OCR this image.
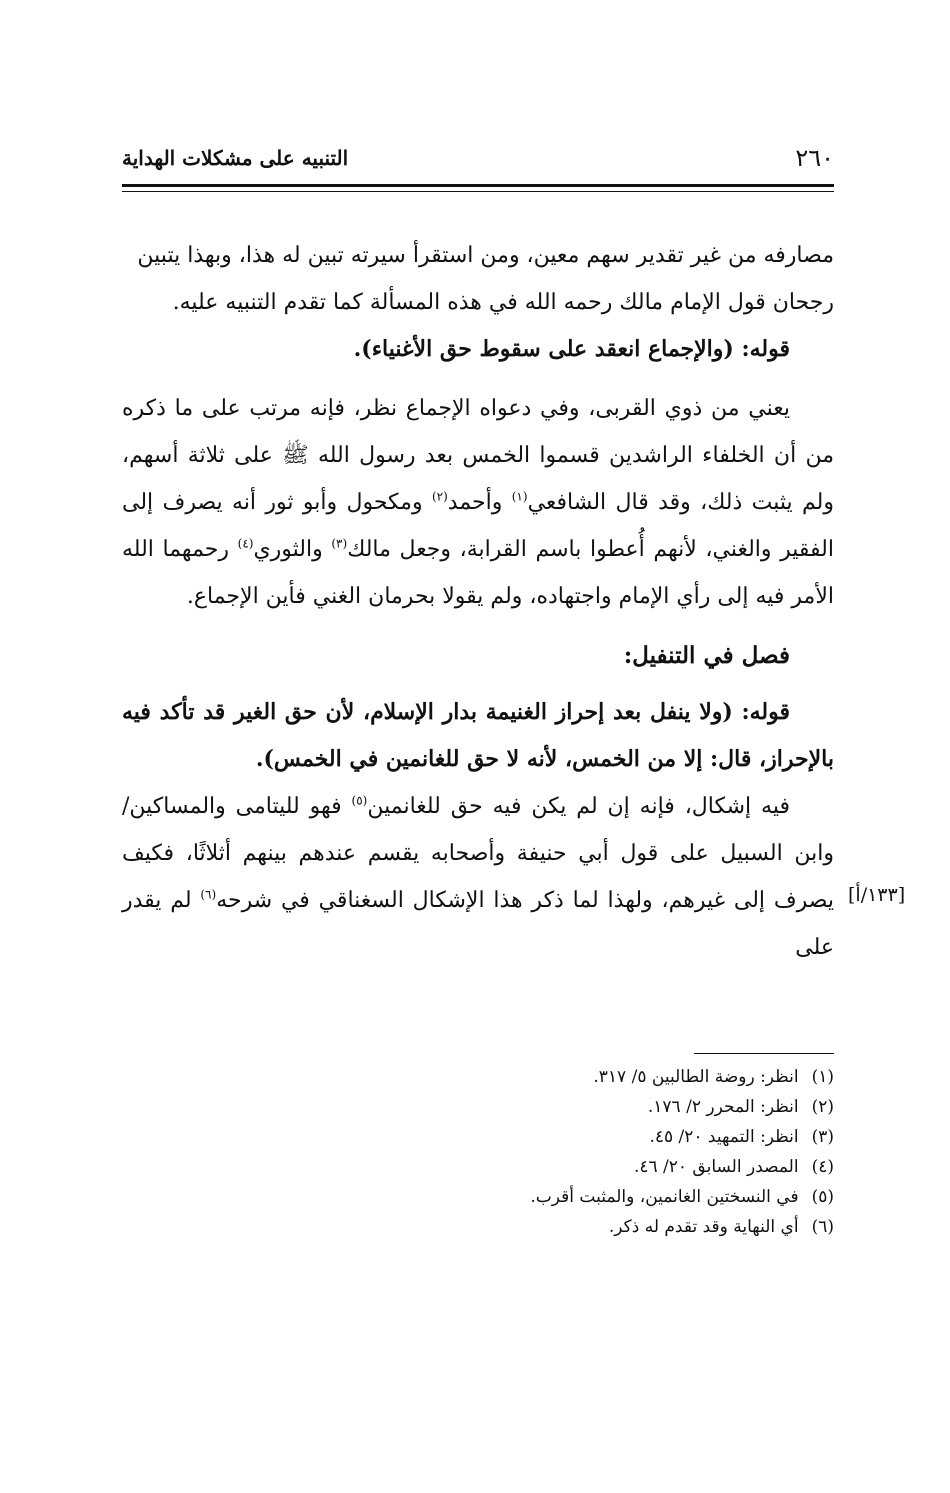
٢٦٠
التنبيه على مشكلات الهداية

مصارفه من غير تقدير سهم معين، ومن استقرأ سيرته تبين له هذا، وبهذا يتبين
رجحان قول الإمام مالك رحمه الله في هذه المسألة كما تقدم التنبيه عليه.

قوله: (والإجماع انعقد على سقوط حق الأغنياء).

يعني من ذوي القربى، وفي دعواه الإجماع نظر، فإنه مرتب على ما ذكره من أن الخلفاء الراشدين قسموا الخمس بعد رسول الله ﷺ على ثلاثة أسهم، ولم يثبت ذلك، وقد قال الشافعي$^{(١)}$ وأحمد$^{(٢)}$ ومكحول وأبو ثور أنه يصرف إلى الفقير والغني، لأنهم أُعطوا باسم القرابة، وجعل مالك$^{(٣)}$ والثوري$^{(٤)}$ رحمهما الله الأمر فيه إلى رأي الإمام واجتهاده، ولم يقولا بحرمان الغني فأين الإجماع.

فصل في التنفيل:

قوله: (ولا ينفل بعد إحراز الغنيمة بدار الإسلام، لأن حق الغير قد تأكد فيه بالإحراز، قال: إلا من الخمس، لأنه لا حق للغانمين في الخمس).

فيه إشكال، فإنه إن لم يكن فيه حق للغانمين$^{(٥)}$ فهو لليتامى والمساكين/ وابن السبيل على قول أبي حنيفة وأصحابه يقسم عندهم بينهم أثلاثًا، فكيف يصرف إلى غيرهم، ولهذا لما ذكر هذا الإشكال السغناقي في شرحه$^{(٦)}$ لم يقدر على

[١٣٣/أ]
(١) انظر: روضة الطالبين ٥/ ٣١٧.
(٢) انظر: المحرر ٢/ ١٧٦.
(٣) انظر: التمهيد ٢٠/ ٤٥.
(٤) المصدر السابق ٢٠/ ٤٦.
(٥) في النسختين الغانمين، والمثبت أقرب.
(٦) أي النهاية وقد تقدم له ذكر.
